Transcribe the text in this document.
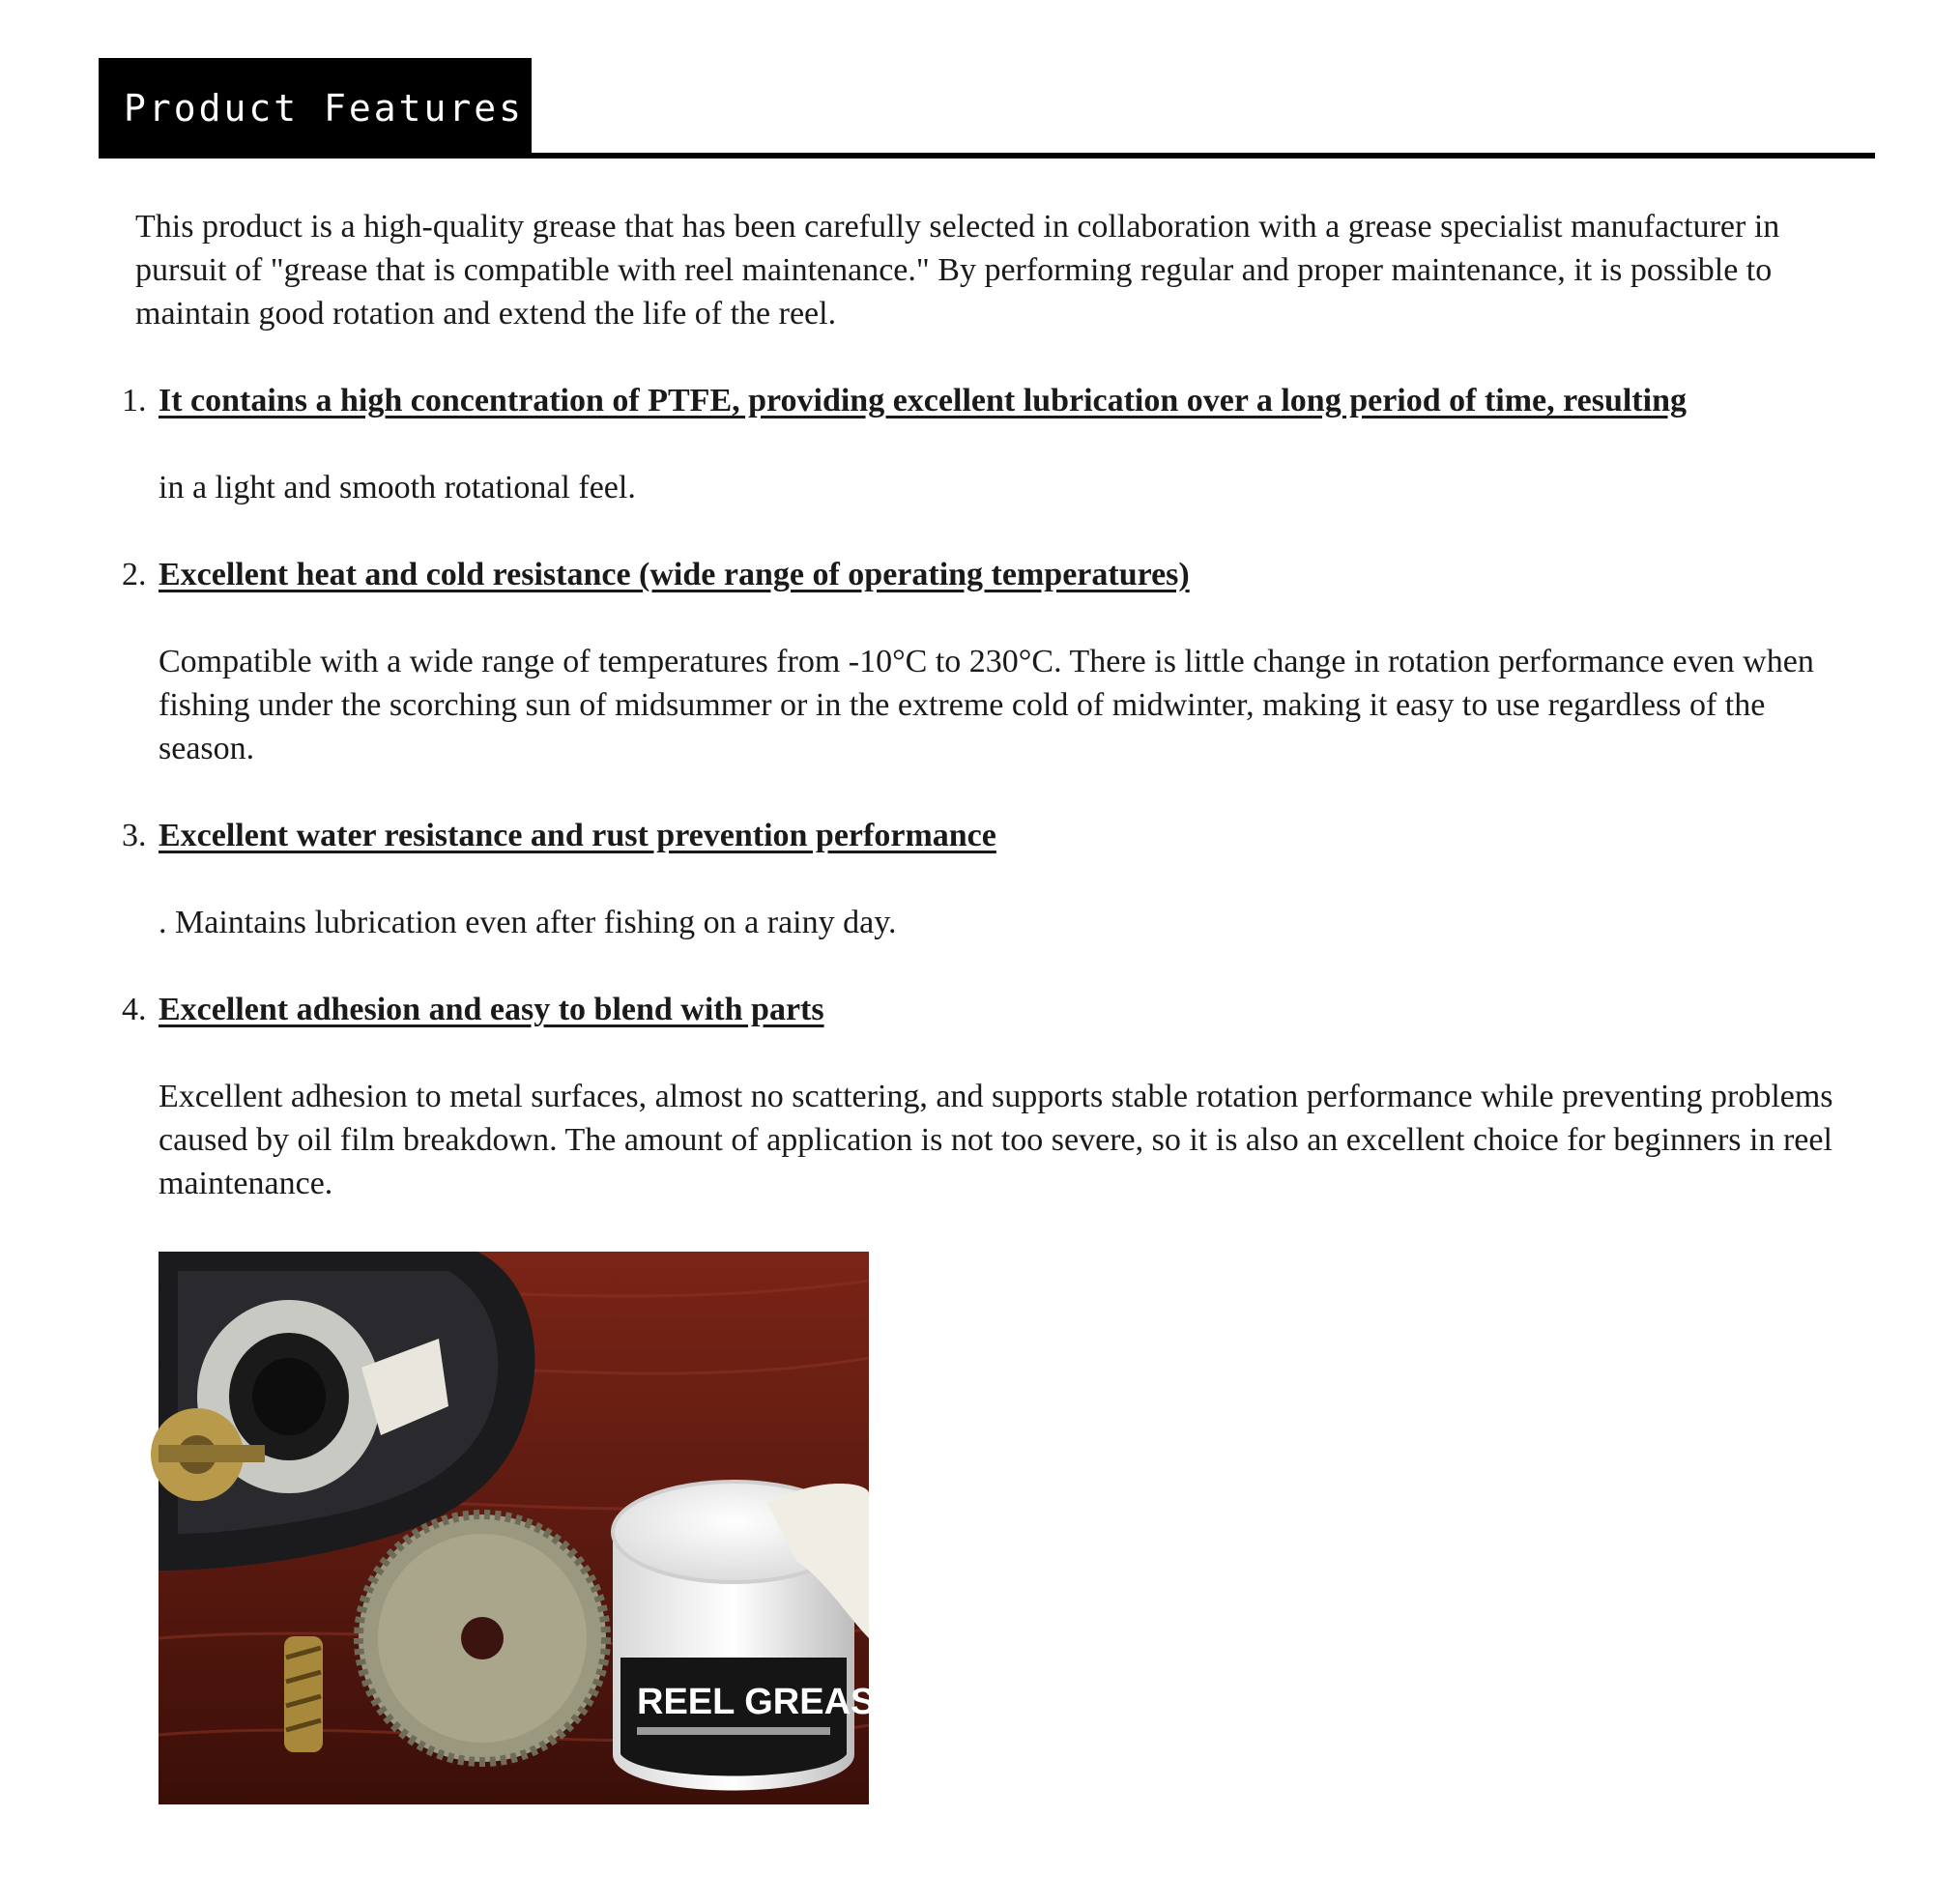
Product Features

This product is a high-quality grease that has been carefully selected in collaboration with a grease specialist manufacturer in pursuit of "grease that is compatible with reel maintenance." By performing regular and proper maintenance, it is possible to maintain good rotation and extend the life of the reel.

1. It contains a high concentration of PTFE, providing excellent lubrication over a long period of time, resulting

in a light and smooth rotational feel.

2. Excellent heat and cold resistance (wide range of operating temperatures)

Compatible with a wide range of temperatures from -10°C to 230°C. There is little change in rotation performance even when fishing under the scorching sun of midsummer or in the extreme cold of midwinter, making it easy to use regardless of the season.

3. Excellent water resistance and rust prevention performance

. Maintains lubrication even after fishing on a rainy day.

4. Excellent adhesion and easy to blend with parts

Excellent adhesion to metal surfaces, almost no scattering, and supports stable rotation performance while preventing problems caused by oil film breakdown. The amount of application is not too severe, so it is also an excellent choice for beginners in reel maintenance.

REEL GREASE
